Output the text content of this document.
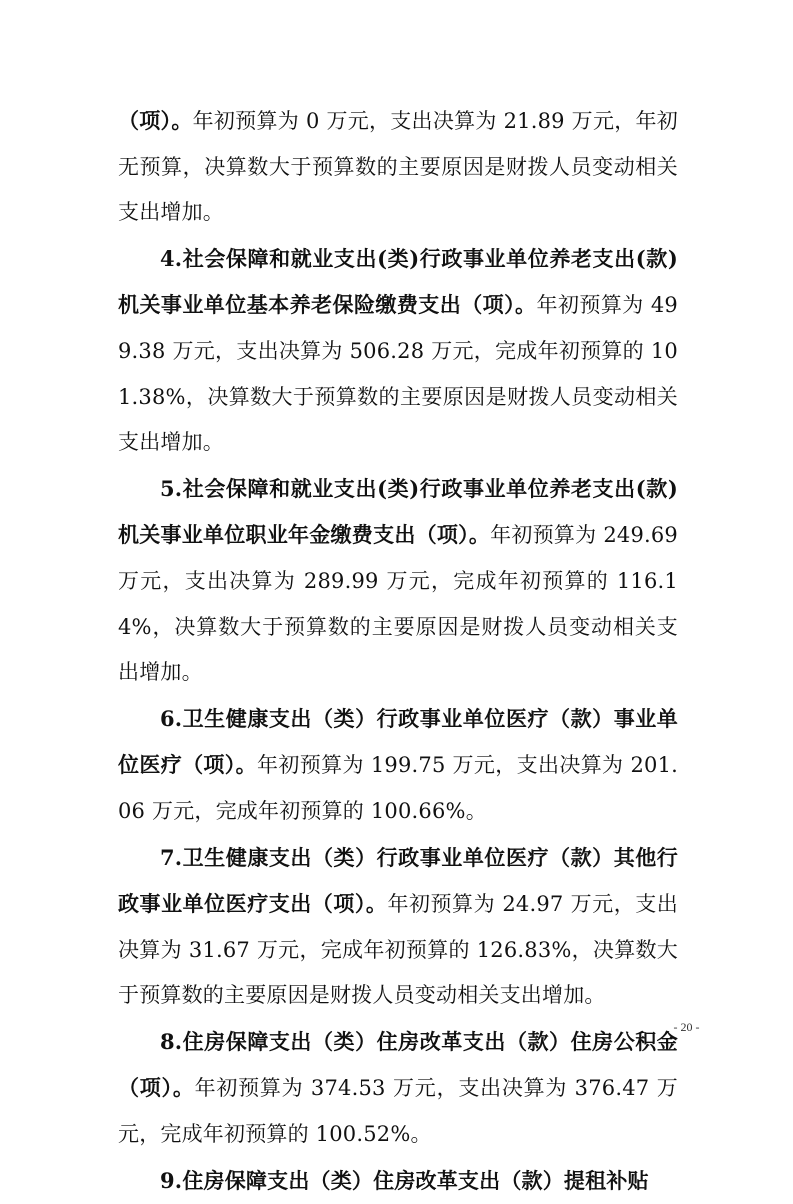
（项）。年初预算为 0 万元，支出决算为 21.89 万元，年初无预算，决算数大于预算数的主要原因是财拨人员变动相关支出增加。

4.社会保障和就业支出(类)行政事业单位养老支出(款)机关事业单位基本养老保险缴费支出（项）。年初预算为 499.38 万元，支出决算为 506.28 万元，完成年初预算的 101.38%，决算数大于预算数的主要原因是财拨人员变动相关支出增加。

5.社会保障和就业支出(类)行政事业单位养老支出(款)机关事业单位职业年金缴费支出（项）。年初预算为 249.69 万元，支出决算为 289.99 万元，完成年初预算的 116.14%，决算数大于预算数的主要原因是财拨人员变动相关支出增加。

6.卫生健康支出（类）行政事业单位医疗（款）事业单位医疗（项）。年初预算为 199.75 万元，支出决算为 201.06 万元，完成年初预算的 100.66%。

7.卫生健康支出（类）行政事业单位医疗（款）其他行政事业单位医疗支出（项）。年初预算为 24.97 万元，支出决算为 31.67 万元，完成年初预算的 126.83%，决算数大于预算数的主要原因是财拨人员变动相关支出增加。

8.住房保障支出（类）住房改革支出（款）住房公积金（项）。年初预算为 374.53 万元，支出决算为 376.47 万元，完成年初预算的 100.52%。

9.住房保障支出（类）住房改革支出（款）提租补贴

- 20 -
